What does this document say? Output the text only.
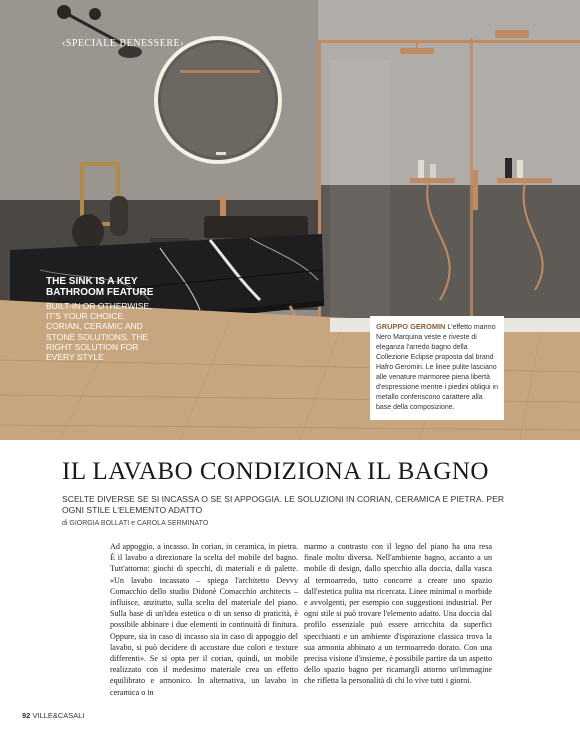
‹SPECIALE BENESSERE›
THE SINK IS A KEY BATHROOM FEATURE
BUILT-IN OR OTHERWISE, IT'S YOUR CHOICE. CORIAN, CERAMIC AND STONE SOLUTIONS. THE RIGHT SOLUTION FOR EVERY STYLE
GRUPPO GEROMIN L'effetto marmo Nero Marquina veste e riveste di eleganza l'arredo bagno della Collezione Eclipse proposta dal brand Hafro Geromin. Le linee pulite lasciano alle venature marmoree piena libertà d'espressione mentre i piedini obliqui in metallo conferiscono carattere alla base della composizione.
IL LAVABO CONDIZIONA IL BAGNO
SCELTE DIVERSE SE SI INCASSA O SE SI APPOGGIA. LE SOLUZIONI IN CORIAN, CERAMICA E PIETRA. PER OGNI STILE L'ELEMENTO ADATTO
di GIORGIA BOLLATI e CAROLA SERMINATO
Ad appoggio, a incasso. In corian, in ceramica, in pietra. È il lavabo a direzionare la scelta del mobile del bagno. Tutt'attorno: giochi di specchi, di materiali e di palette. «Un lavabo incassato – spiega l'architetto Devvy Comacchio dello studio Didonè Comacchio architects – influisce, anzitutto, sulla scelta del materiale del piano. Sulla base di un'idea estetica o di un senso di praticità, è possibile abbinare i due elementi in continuità di finitura. Oppure, sia in caso di incasso sia in caso di appoggio del lavabo, si può decidere di accostare due colori e texture differenti». Se si opta per il corian, quindi, un mobile realizzato con il medesimo materiale crea un effetto equilibrato e armonico. In alternativa, un lavabo in ceramica o in
marmo a contrasto con il legno del piano ha una resa finale molto diversa. Nell'ambiente bagno, accanto a un mobile di design, dallo specchio alla doccia, dalla vasca al termoarredo, tutto concorre a creare uno spazio dall'estetica pulita ma ricercata. Linee minimal o morbide e avvolgenti, per esempio con suggestioni industrial. Per ogni stile si può trovare l'elemento adatto. Una doccia dal profilo essenziale può essere arricchita da superfici specchianti e un ambiente d'ispirazione classica trova la sua armonia abbinato a un termoarredo dorato. Con una precisa visione d'insieme, è possibile partire da un aspetto dello spazio bagno per ricamargli attorno un'immagine che rifletta la personalità di chi lo vive tutti i giorni.
92 VILLE&CASALI
